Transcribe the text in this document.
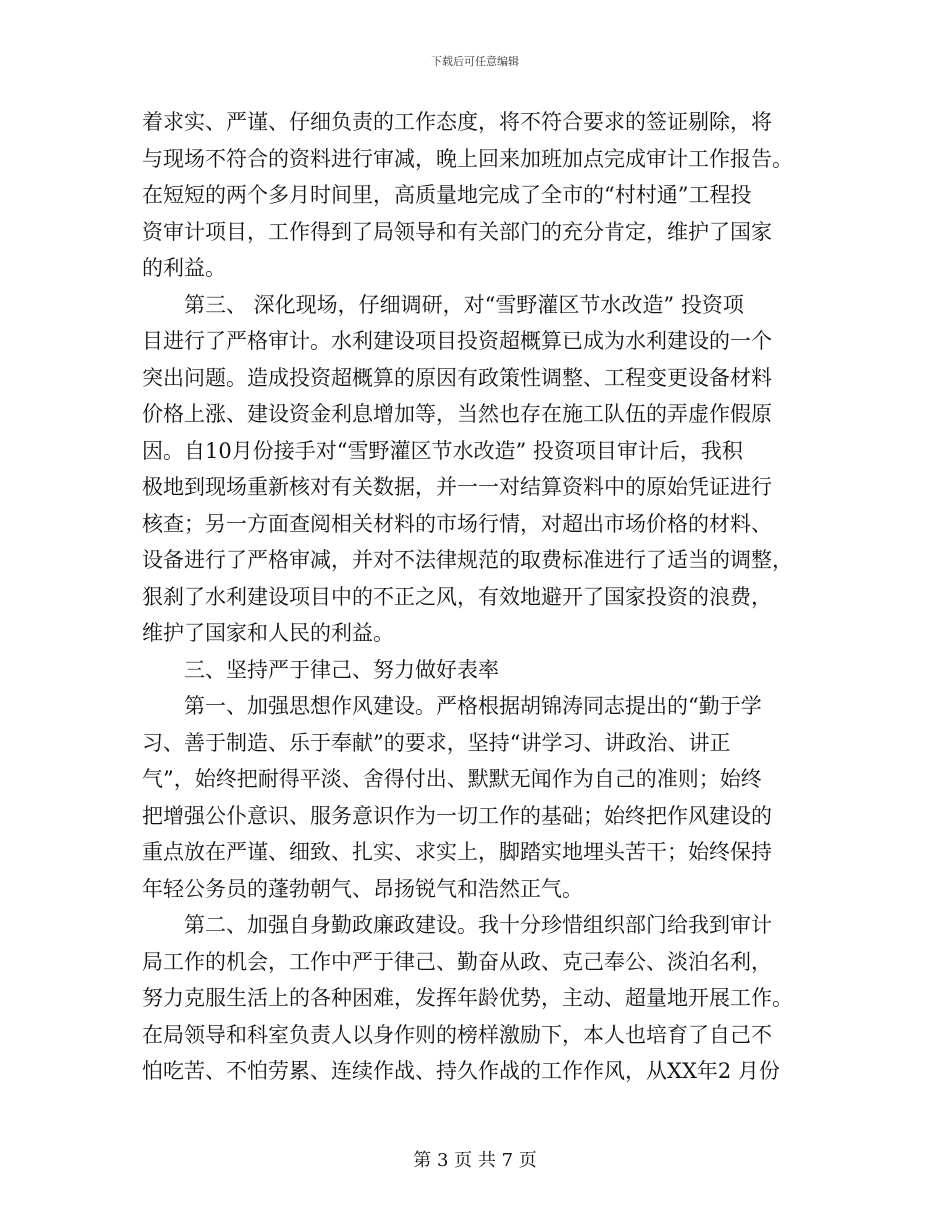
下载后可任意编辑
着求实、严谨、仔细负责的工作态度，将不符合要求的签证剔除，将
与现场不符合的资料进行审减，晚上回来加班加点完成审计工作报告。
在短短的两个多月时间里，高质量地完成了全市的“村村通”工程投
资审计项目，工作得到了局领导和有关部门的充分肯定，维护了国家
的利益。
　　第三、 深化现场，仔细调研，对“雪野灌区节水改造” 投资项
目进行了严格审计。水利建设项目投资超概算已成为水利建设的一个
突出问题。造成投资超概算的原因有政策性调整、工程变更设备材料
价格上涨、建设资金利息增加等，当然也存在施工队伍的弄虚作假原
因。自10月份接手对“雪野灌区节水改造” 投资项目审计后，我积
极地到现场重新核对有关数据，并一一对结算资料中的原始凭证进行
核查；另一方面查阅相关材料的市场行情，对超出市场价格的材料、
设备进行了严格审减，并对不法律规范的取费标准进行了适当的调整，
狠刹了水利建设项目中的不正之风，有效地避开了国家投资的浪费，
维护了国家和人民的利益。
　　三、坚持严于律己、努力做好表率
　　第一、加强思想作风建设。严格根据胡锦涛同志提出的“勤于学
习、善于制造、乐于奉献”的要求，坚持“讲学习、讲政治、讲正
气”，始终把耐得平淡、舍得付出、默默无闻作为自己的准则；始终
把增强公仆意识、服务意识作为一切工作的基础；始终把作风建设的
重点放在严谨、细致、扎实、求实上，脚踏实地埋头苦干；始终保持
年轻公务员的蓬勃朝气、昂扬锐气和浩然正气。
　　第二、加强自身勤政廉政建设。我十分珍惜组织部门给我到审计
局工作的机会，工作中严于律己、勤奋从政、克己奉公、淡泊名利，
努力克服生活上的各种困难，发挥年龄优势，主动、超量地开展工作。
在局领导和科室负责人以身作则的榜样激励下，本人也培育了自己不
怕吃苦、不怕劳累、连续作战、持久作战的工作作风，从XX年2 月份
第 3 页 共 7 页
